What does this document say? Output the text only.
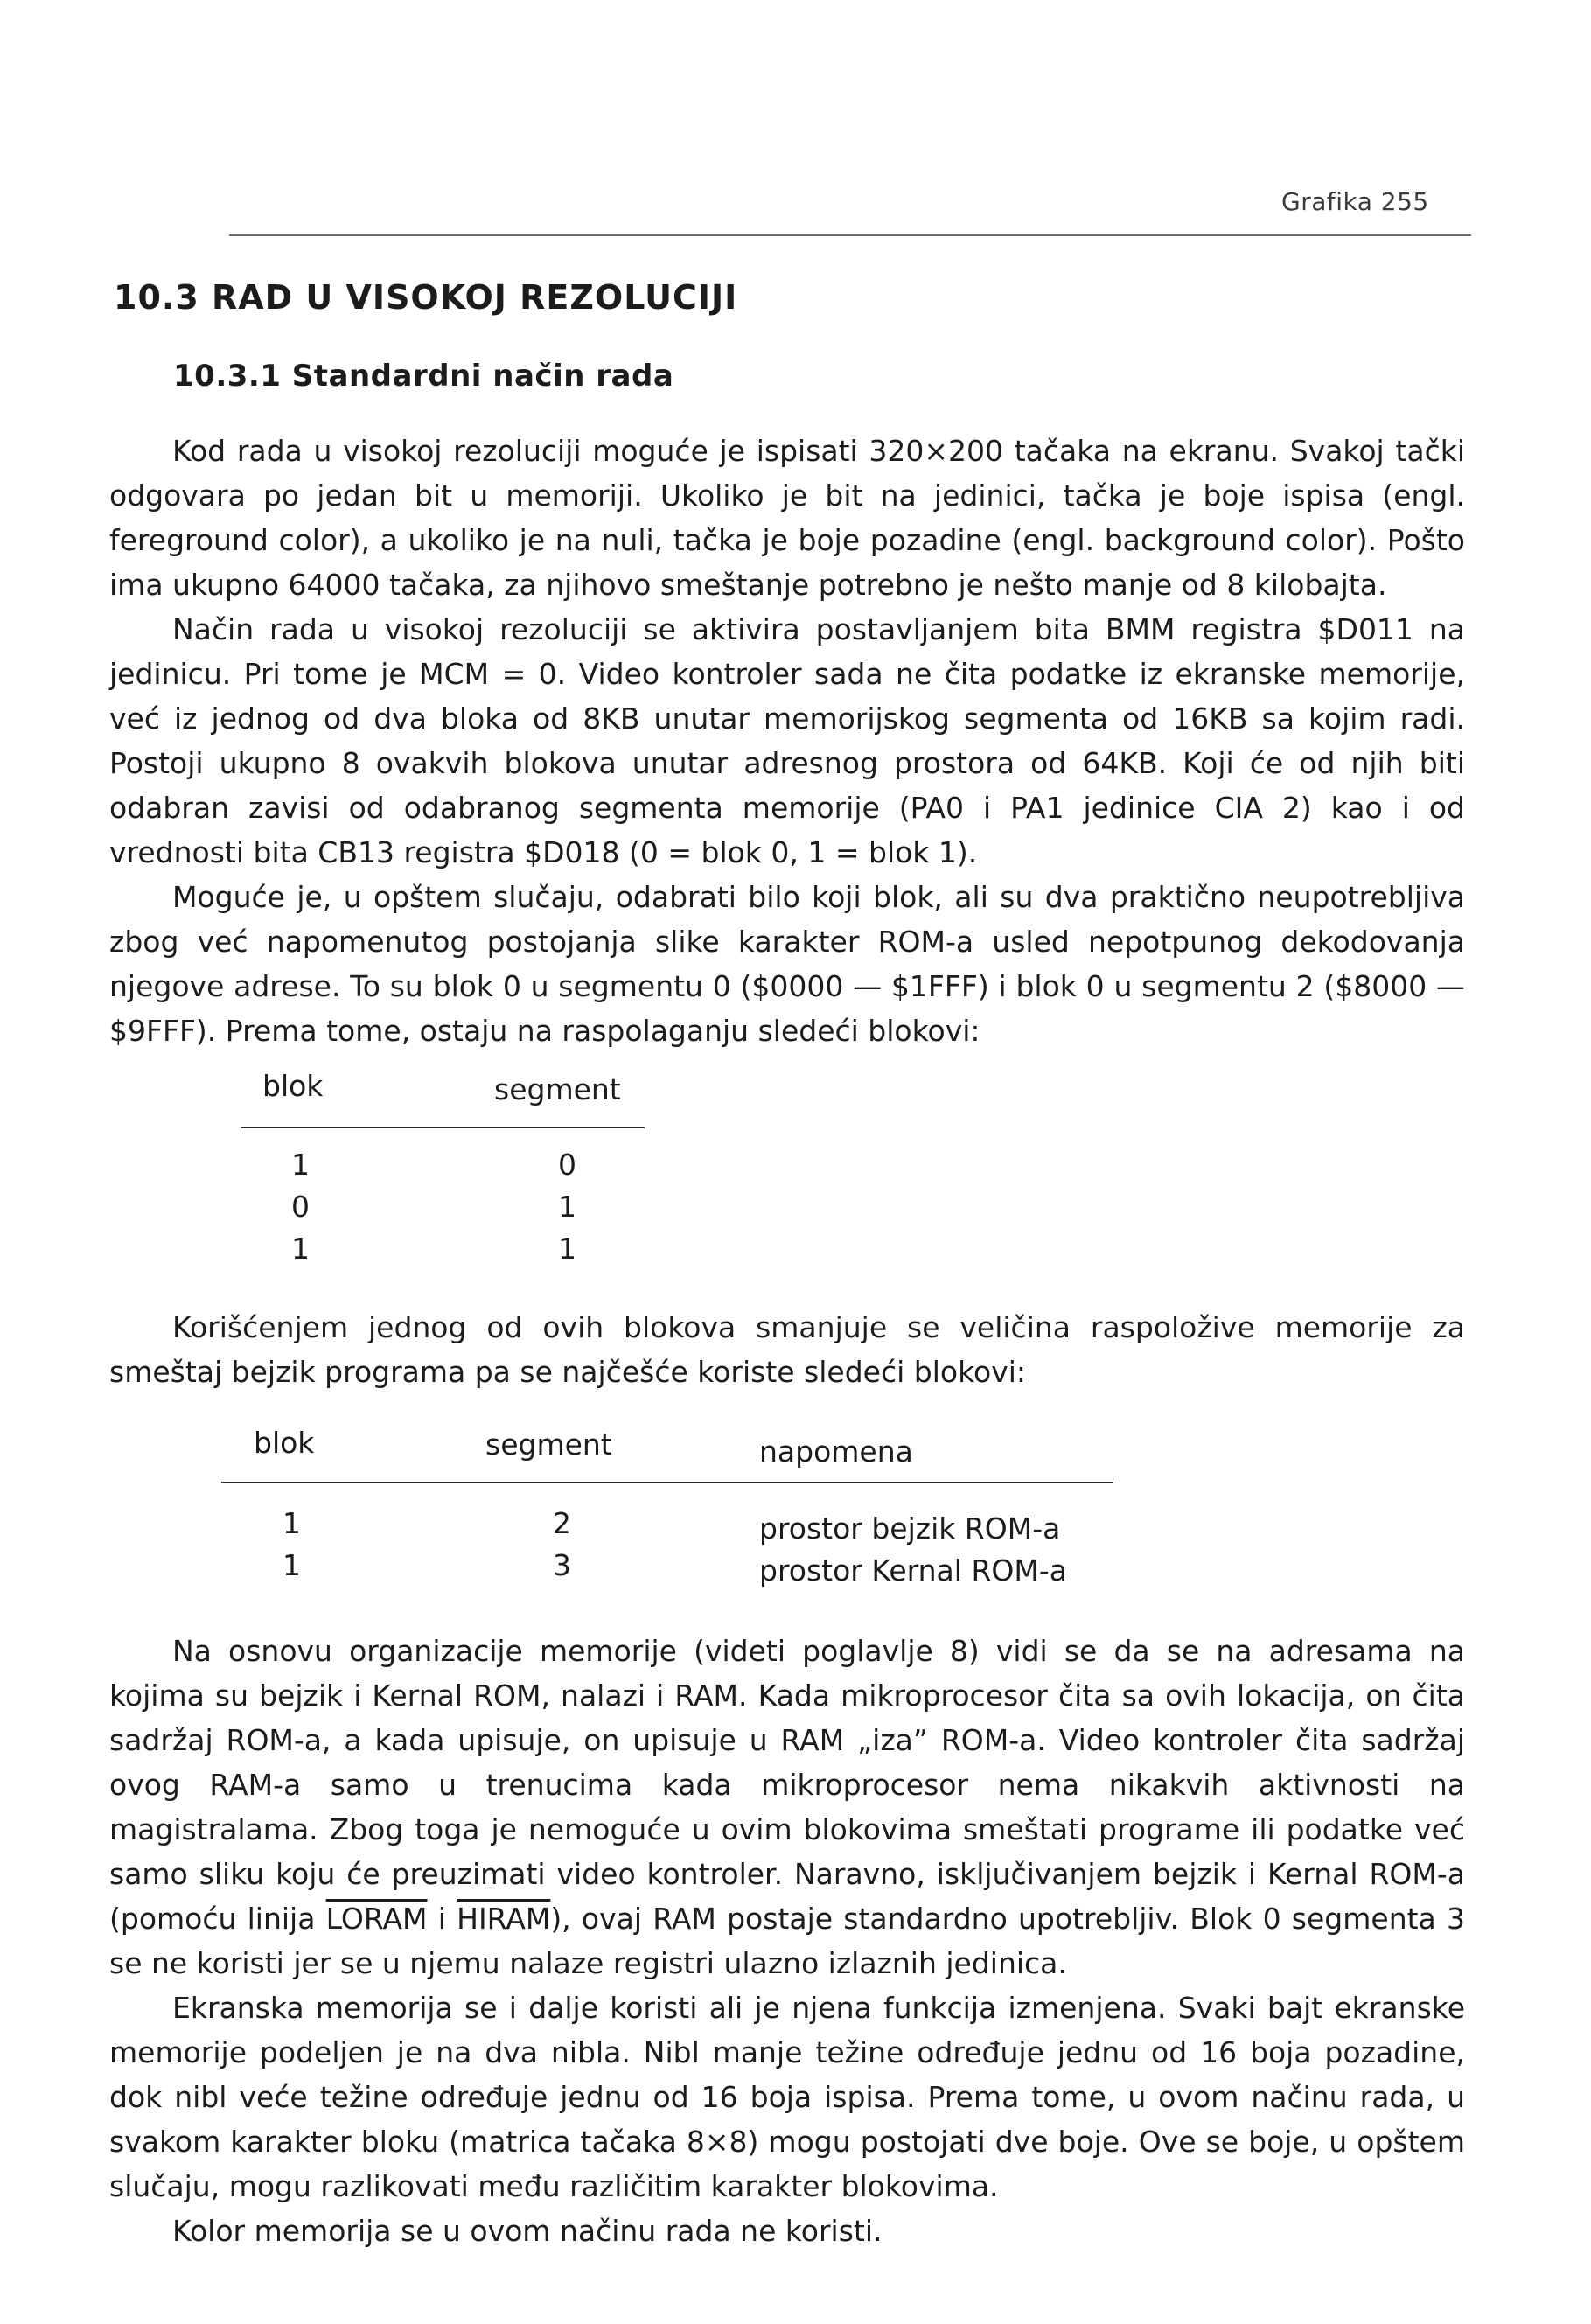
Grafika 255
10.3 RAD U VISOKOJ REZOLUCIJI
10.3.1 Standardni način rada

Kod rada u visokoj rezoluciji moguće je ispisati 320×200 tačaka na ekranu. Svakoj tački odgovara po jedan bit u memoriji. Ukoliko je bit na jedinici, tačka je boje ispisa (engl. fereground color), a ukoliko je na nuli, tačka je boje pozadine (engl. background color). Pošto ima ukupno 64000 tačaka, za njihovo smeštanje potrebno je nešto manje od 8 kilobajta.

Način rada u visokoj rezoluciji se aktivira postavljanjem bita BMM registra $D011 na jedinicu. Pri tome je MCM = 0. Video kontroler sada ne čita podatke iz ekranske memorije, već iz jednog od dva bloka od 8KB unutar memorijskog segmenta od 16KB sa kojim radi. Postoji ukupno 8 ovakvih blokova unutar adresnog prostora od 64KB. Koji će od njih biti odabran zavisi od odabranog segmenta memorije (PA0 i PA1 jedinice CIA 2) kao i od vrednosti bita CB13 registra $D018 (0 = blok 0, 1 = blok 1).

Moguće je, u opštem slučaju, odabrati bilo koji blok, ali su dva praktično neupotrebljiva zbog već napomenutog postojanja slike karakter ROM-a usled nepotpunog dekodovanja njegove adrese. To su blok 0 u segmentu 0 ($0000 — $1FFF) i blok 0 u segmentu 2 ($8000 — $9FFF). Prema tome, ostaju na raspolaganju sledeći blokovi:

blok	segment
1	0
0	1
1	1

Korišćenjem jednog od ovih blokova smanjuje se veličina raspoložive memorije za smeštaj bejzik programa pa se najčešće koriste sledeći blokovi:

blok	segment	napomena
1	2	prostor bejzik ROM-a
1	3	prostor Kernal ROM-a

Na osnovu organizacije memorije (videti poglavlje 8) vidi se da se na adresama na kojima su bejzik i Kernal ROM, nalazi i RAM. Kada mikroprocesor čita sa ovih lokacija, on čita sadržaj ROM-a, a kada upisuje, on upisuje u RAM „iza” ROM-a. Video kontroler čita sadržaj ovog RAM-a samo u trenucima kada mikroprocesor nema nikakvih aktivnosti na magistralama. Zbog toga je nemoguće u ovim blokovima smeštati programe ili podatke već samo sliku koju će preuzimati video kontroler. Naravno, isključivanjem bejzik i Kernal ROM-a (pomoću linija LORAM i HIRAM), ovaj RAM postaje standardno upotrebljiv. Blok 0 segmenta 3 se ne koristi jer se u njemu nalaze registri ulazno izlaznih jedinica.

Ekranska memorija se i dalje koristi ali je njena funkcija izmenjena. Svaki bajt ekranske memorije podeljen je na dva nibla. Nibl manje težine određuje jednu od 16 boja pozadine, dok nibl veće težine određuje jednu od 16 boja ispisa. Prema tome, u ovom načinu rada, u svakom karakter bloku (matrica tačaka 8×8) mogu postojati dve boje. Ove se boje, u opštem slučaju, mogu razlikovati među različitim karakter blokovima.

Kolor memorija se u ovom načinu rada ne koristi.
